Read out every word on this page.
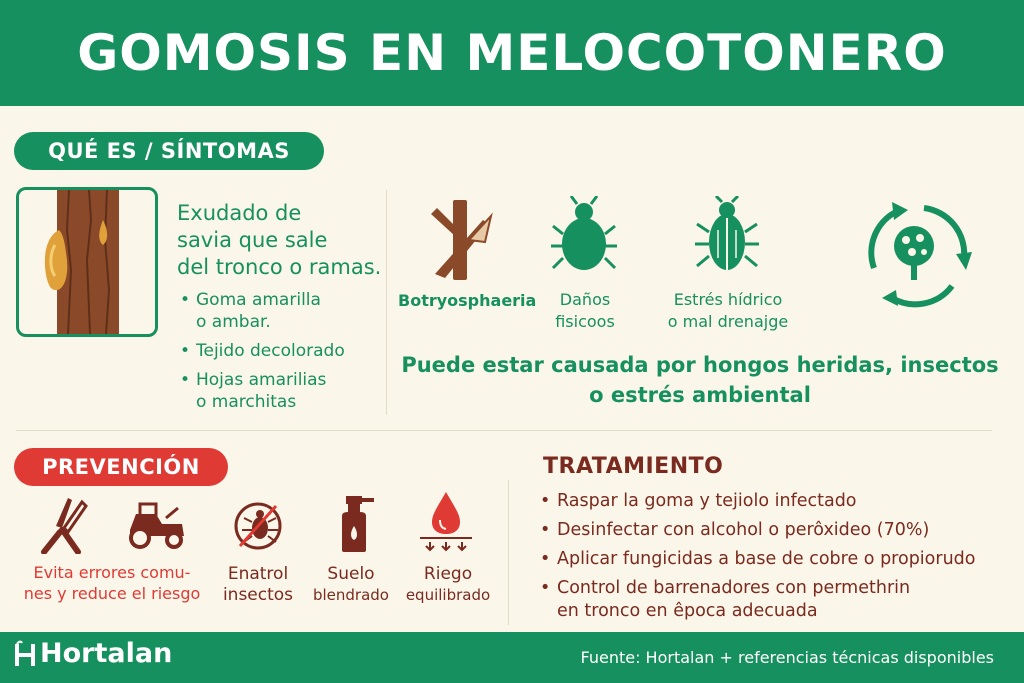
GOMOSIS EN MELOCOTONERO
QUÉ ES / SÍNTOMAS
Exudado de
savia que sale
del tronco o ramas.
• Goma amarilla
o ambar.
• Tejido decolorado
• Hojas amarilias
o marchitas
Botryosphaeria	Daños
fisicoos
Estrés hídrico
o mal drenajge
Puede estar causada por hongos heridas, insectos
o estrés ambiental
PREVENCIÓN
Evita errores comu-
nes y reduce el riesgo
Enatrol
insectos
Suelo
blendrado
Riego
equilibrado
TRATAMIENTO
• Raspar la goma y tejiolo infectado
• Desinfectar con alcohol o perôxideo (70%)
• Aplicar fungicidas a base de cobre o propiorudo
• Control de barrenadores con permethrin
en tronco en êpoca adecuada
Hortalan	Fuente: Hortalan + referencias técnicas disponibles
